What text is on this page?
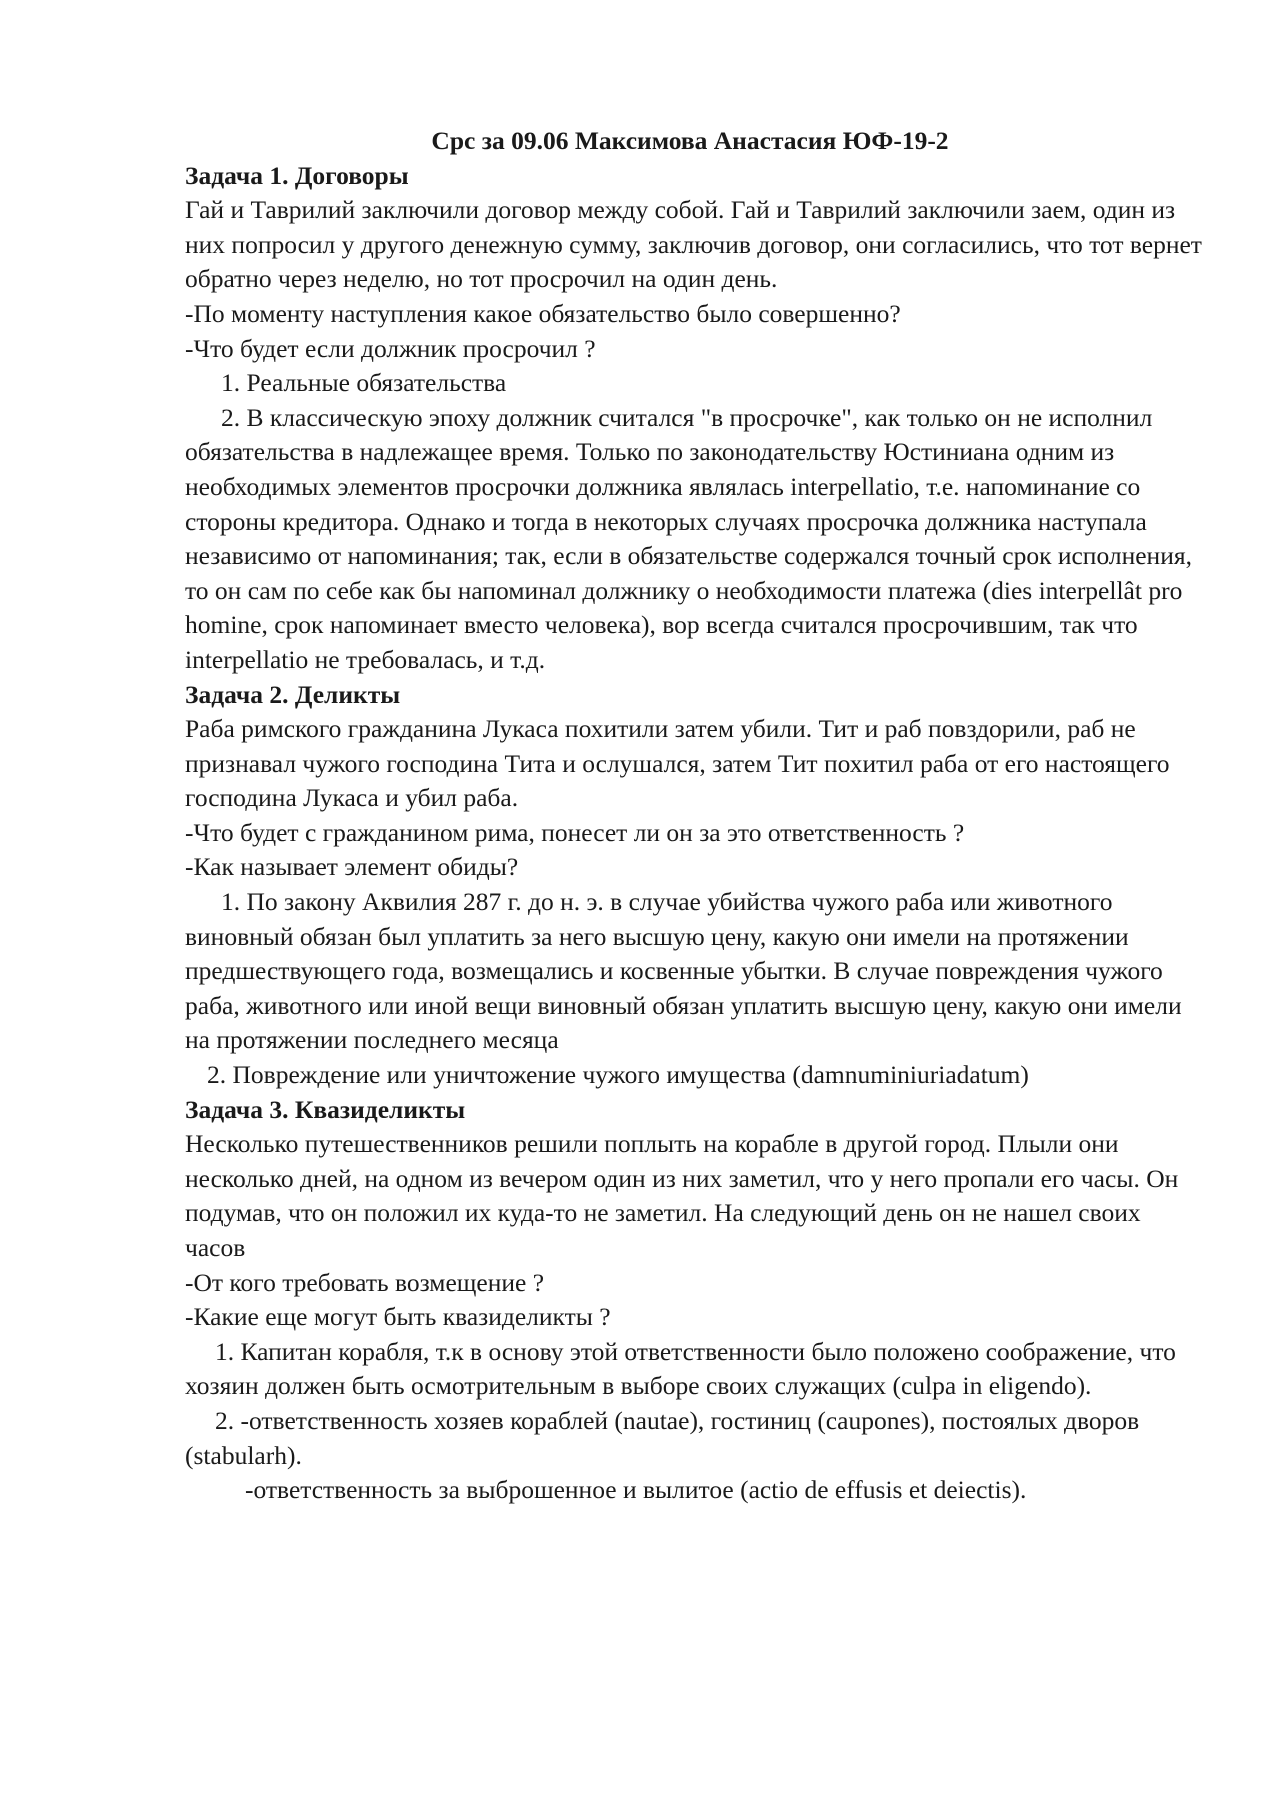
Срс за 09.06 Максимова Анастасия ЮФ-19-2
Задача 1. Договоры

Гай и Таврилий заключили договор между собой. Гай и Таврилий заключили заем, один из них попросил у другого денежную сумму, заключив договор, они согласились, что тот вернет обратно через неделю, но тот просрочил на один день.

-По моменту наступления какое обязательство было совершенно?

-Что будет если должник просрочил ?

1. Реальные обязательства

2. В классическую эпоху должник считался "в просрочке", как только он не исполнил обязательства в надлежащее время. Только по законодательству Юстиниана одним из необходимых элементов просрочки должника являлась interpellatio, т.е. напоминание со стороны кредитора. Однако и тогда в некоторых случаях просрочка должника наступала независимо от напоминания; так, если в обязательстве содержался точный срок исполнения, то он сам по себе как бы напоминал должнику о необходимости платежа (dies interpellât pro homine, срок напоминает вместо человека), вор всегда считался просрочившим, так что interpellatio не требовалась, и т.д.

Задача 2. Деликты

Раба римского гражданина Лукаса похитили затем убили. Тит и раб повздорили, раб не признавал чужого господина Тита и ослушался, затем Тит похитил раба от его настоящего господина Лукаса и убил раба.

-Что будет с гражданином рима, понесет ли он за это ответственность ?

-Как называет элемент обиды?

1. По закону Аквилия 287 г. до н. э. в случае убийства чужого раба или животного виновный обязан был уплатить за него высшую цену, какую они имели на протяжении предшествующего года, возмещались и косвенные убытки. В случае повреждения чужого раба, животного или иной вещи виновный обязан уплатить высшую цену, какую они имели на протяжении последнего месяца

2. Повреждение или уничтожение чужого имущества (damnuminiuriadatum)

Задача 3. Квазиделикты

Несколько путешественников решили поплыть на корабле в другой город. Плыли они несколько дней, на одном из вечером один из них заметил, что у него пропали его часы. Он подумав, что он положил их куда-то не заметил. На следующий день он не нашел своих часов

-От кого требовать возмещение ?

-Какие еще могут быть квазиделикты ?

1. Капитан корабля, т.к в основу этой ответственности было положено соображение, что хозяин должен быть осмотрительным в выборе своих служащих (culpa in eligendo).

2. -ответственность хозяев кораблей (nautae), гостиниц (caupones), постоялых дворов (stabularh).

-ответственность за выброшенное и вылитое (actio de effusis et deiectis).
